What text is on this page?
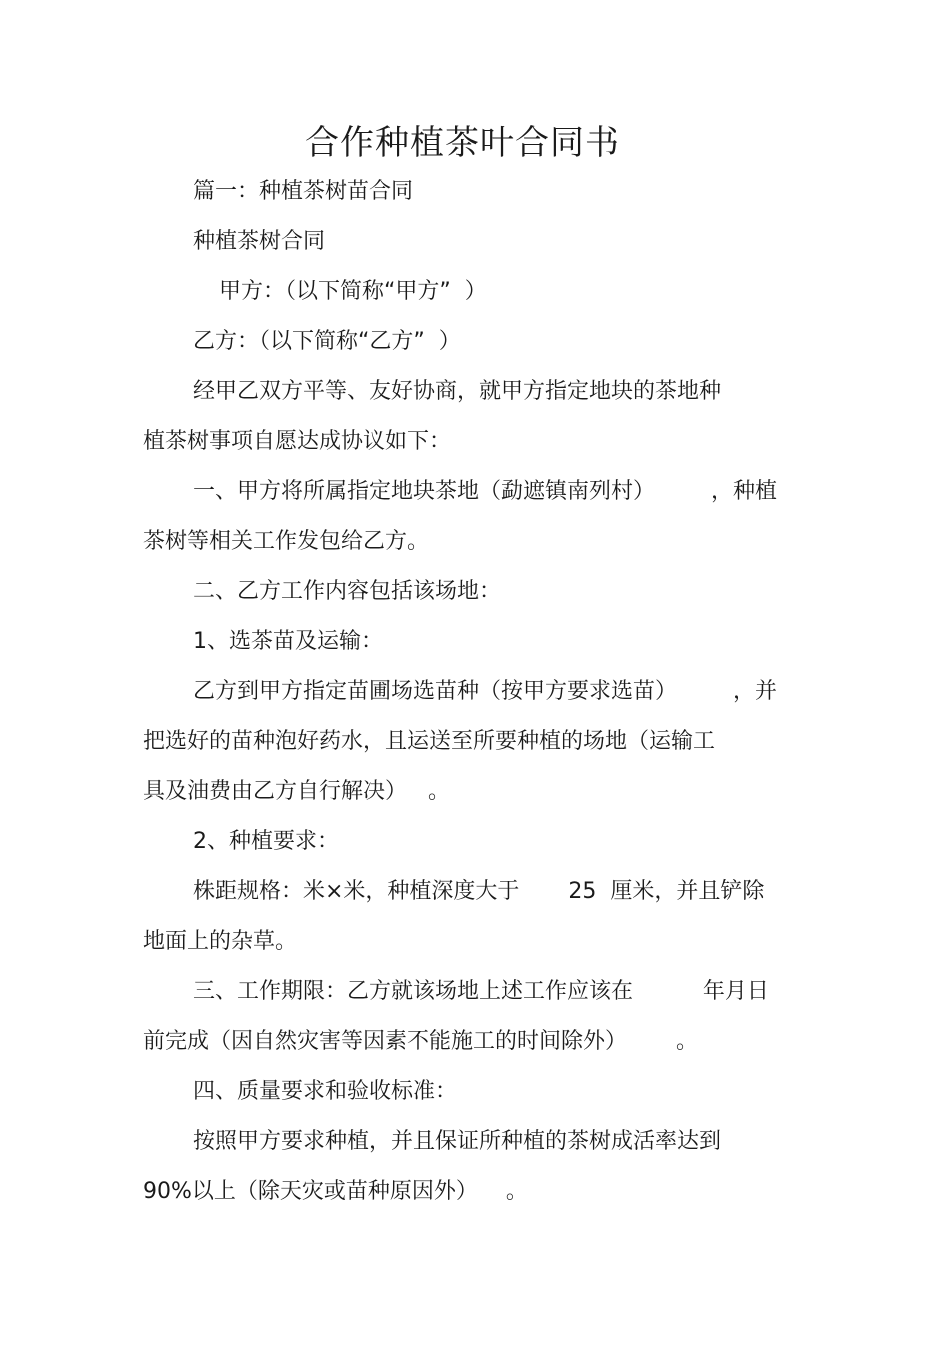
合作种植茶叶合同书
篇一：种植茶树苗合同
种植茶树合同
甲方：（以下简称“甲方”  ）
乙方：（以下简称“乙方”  ）
经甲乙双方平等、友好协商，就甲方指定地块的茶地种
植茶树事项自愿达成协议如下：
一、甲方将所属指定地块茶地（勐遮镇南列村）        ，种植
茶树等相关工作发包给乙方。
二、乙方工作内容包括该场地：
1、选茶苗及运输：
乙方到甲方指定苗圃场选苗种（按甲方要求选苗）        ，并
把选好的苗种泡好药水，且运送至所要种植的场地（运输工
具及油费由乙方自行解决）   。
2、种植要求：
株距规格：米×米，种植深度大于       25  厘米，并且铲除
地面上的杂草。
三、工作期限：乙方就该场地上述工作应该在          年月日
前完成（因自然灾害等因素不能施工的时间除外）       。
四、质量要求和验收标准：
按照甲方要求种植，并且保证所种植的茶树成活率达到
90%以上（除天灾或苗种原因外）    。
